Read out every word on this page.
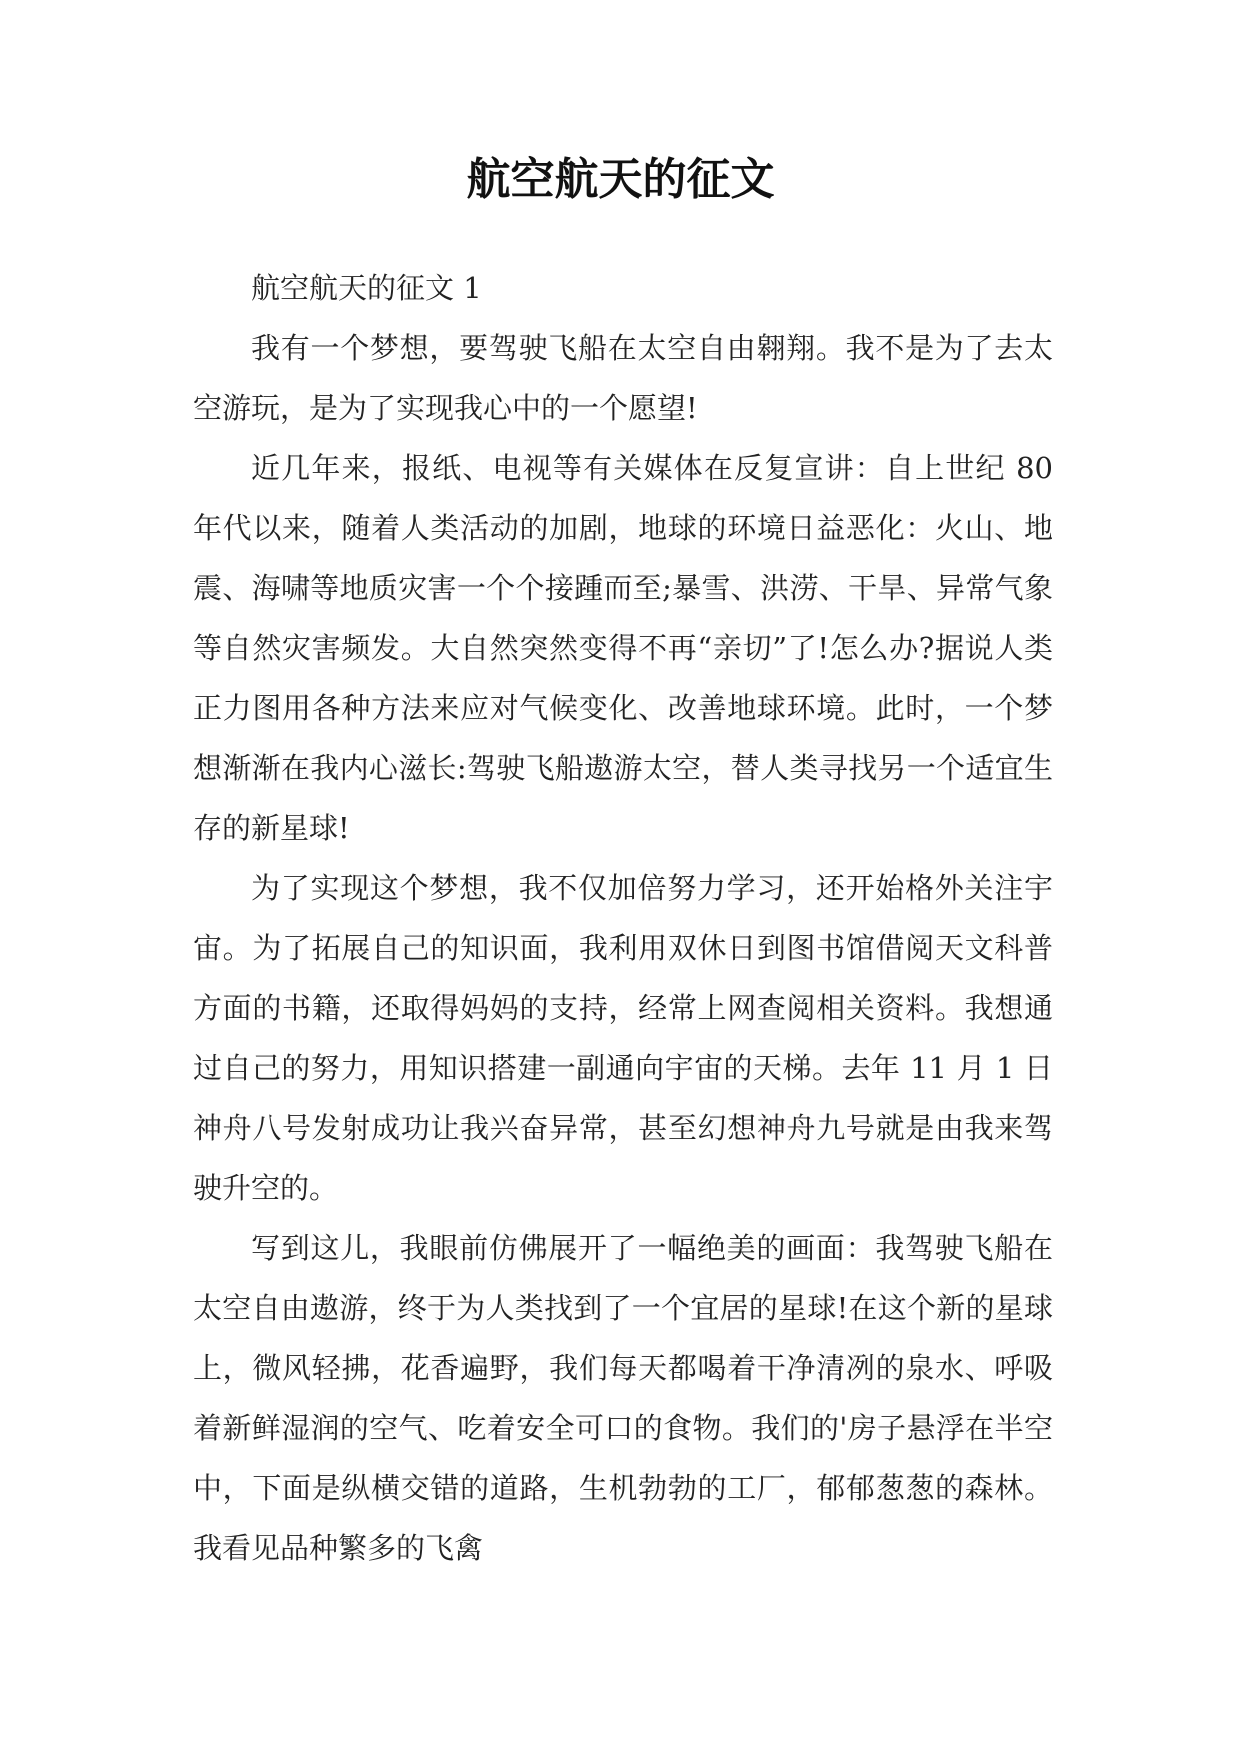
航空航天的征文

航空航天的征文 1

我有一个梦想，要驾驶飞船在太空自由翱翔。我不是为了去太空游玩，是为了实现我心中的一个愿望!

近几年来，报纸、电视等有关媒体在反复宣讲：自上世纪 80 年代以来，随着人类活动的加剧，地球的环境日益恶化：火山、地震、海啸等地质灾害一个个接踵而至;暴雪、洪涝、干旱、异常气象等自然灾害频发。大自然突然变得不再“亲切”了!怎么办?据说人类正力图用各种方法来应对气候变化、改善地球环境。此时，一个梦想渐渐在我内心滋长:驾驶飞船遨游太空，替人类寻找另一个适宜生存的新星球!

为了实现这个梦想，我不仅加倍努力学习，还开始格外关注宇宙。为了拓展自己的知识面，我利用双休日到图书馆借阅天文科普方面的书籍，还取得妈妈的支持，经常上网查阅相关资料。我想通过自己的努力，用知识搭建一副通向宇宙的天梯。去年 11 月 1 日神舟八号发射成功让我兴奋异常，甚至幻想神舟九号就是由我来驾驶升空的。

写到这儿，我眼前仿佛展开了一幅绝美的画面：我驾驶飞船在太空自由遨游，终于为人类找到了一个宜居的星球!在这个新的星球上，微风轻拂，花香遍野，我们每天都喝着干净清冽的泉水、呼吸着新鲜湿润的空气、吃着安全可口的食物。我们的'房子悬浮在半空中，下面是纵横交错的道路，生机勃勃的工厂，郁郁葱葱的森林。我看见品种繁多的飞禽
